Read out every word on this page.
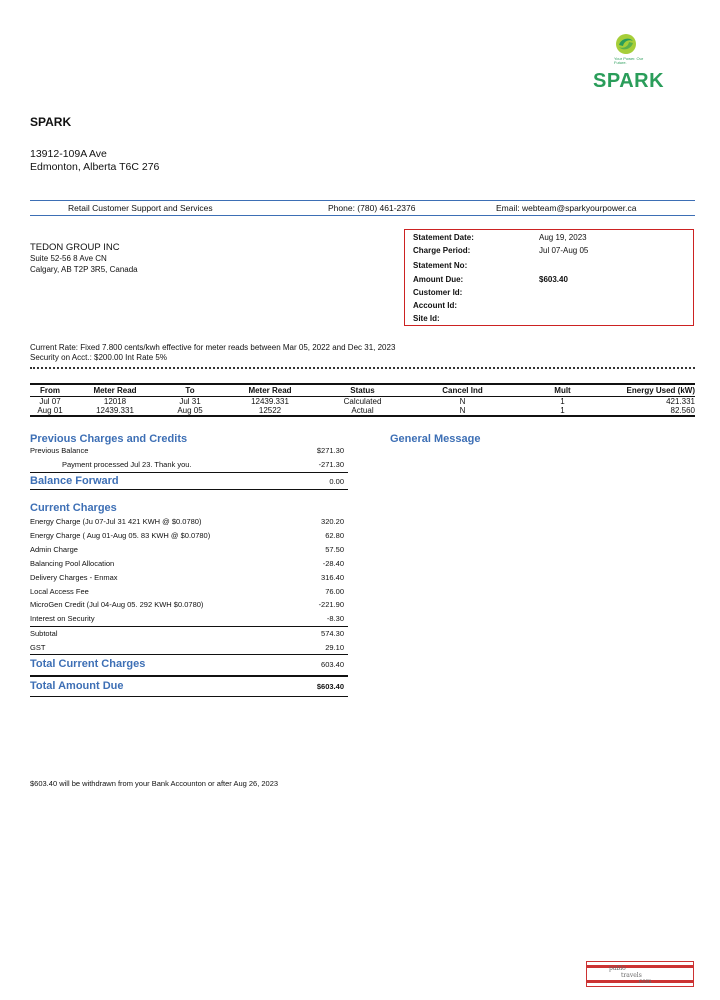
Your Power. Our Future.
SPARK
SPARK
13912-109A Ave
Edmonton, Alberta T6C 276
Retail Customer Support and Services	Phone: (780) 461-2376	Email: webteam@sparkyourpower.ca
TEDON GROUP INC
Suite 52-56 8 Ave CN
Calgary, AB T2P 3R5, Canada
Statement Date:	Aug 19, 2023
Charge Period:	Jul 07-Aug 05
Statement No:
Amount Due:	$603.40
Customer Id:
Account Id:
Site Id:
Current Rate: Fixed 7.800 cents/kwh effective for meter reads between Mar 05, 2022 and Dec 31, 2023
Security on Acct.: $200.00 Int Rate 5%
From	Meter Read	To	Meter Read	Status	Cancel Ind	Mult	Energy Used (kW)
Jul 07	12018	Jul 31	12439.331	Calculated	N	1	421.331
Aug 01	12439.331	Aug 05	12522	Actual	N	1	82.560
Previous Charges and Credits	General Message
Previous Balance	$271.30
Payment processed Jul 23. Thank you.	-271.30
Balance Forward	0.00
Current Charges
Energy Charge (Ju 07-Jul 31 421 KWH @ $0.0780)	320.20
Energy Charge ( Aug 01-Aug 05. 83 KWH @ $0.0780)	62.80
Admin Charge	57.50
Balancing Pool Allocation	-28.40
Delivery Charges - Enmax	316.40
Local Access Fee	76.00
MicroGen Credit (Jul 04-Aug 05. 292 KWH $0.0780)	-221.90
Interest on Security	-8.30
Subtotal	574.30
GST	29.10
Total Current Charges	603.40
Total Amount Due	$603.40
$603.40 will be withdrawn from your Bank Accounton or after Aug 26, 2023
pablo
travels
.com
